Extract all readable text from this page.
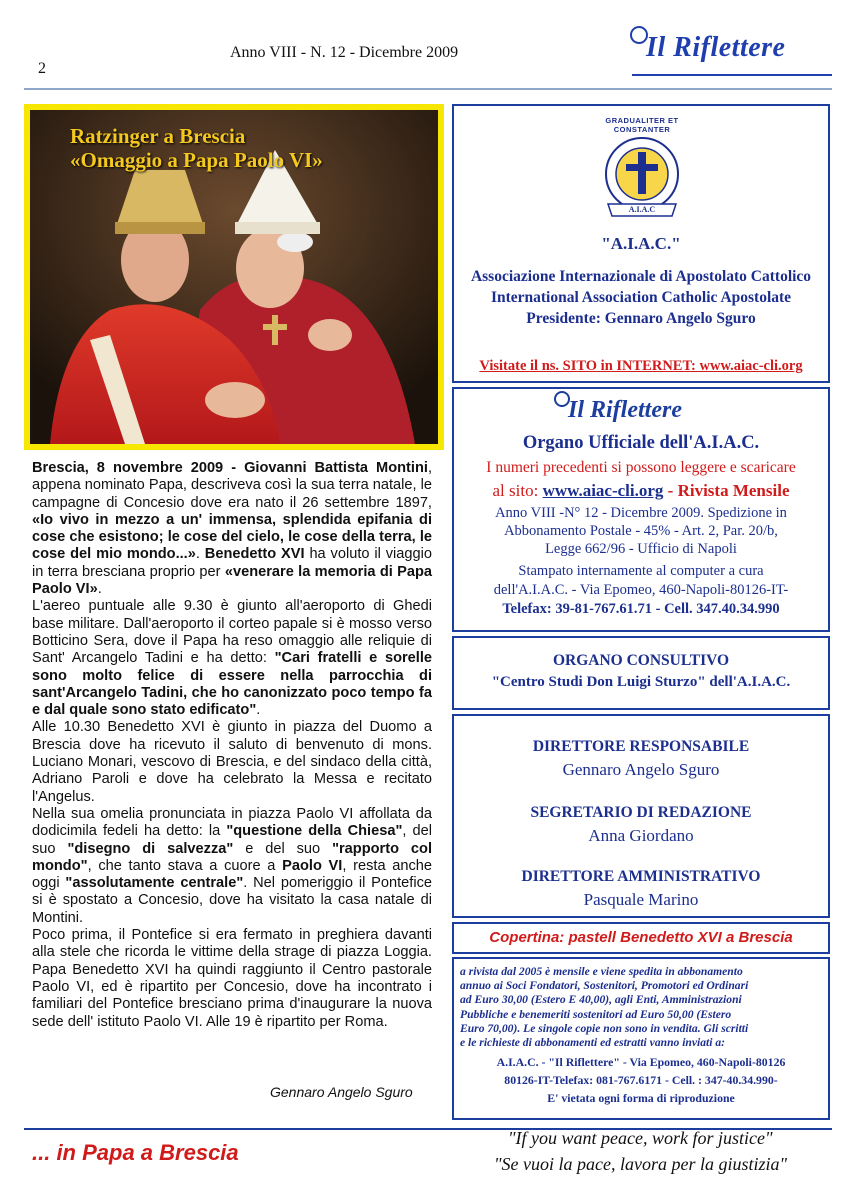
2
Anno VIII - N. 12 - Dicembre 2009	Il Riflettere
Ratzinger a Brescia
«Omaggio a Papa Paolo VI»

Brescia, 8 novembre 2009 - Giovanni Battista Montini, appena nominato Papa, descriveva così la sua terra natale, le campagne di Concesio dove era nato il 26 settembre 1897, «Io vivo in mezzo a un' immensa, splendida epifania di cose che esistono; le cose del cielo, le cose della terra, le cose del mio mondo...». Benedetto XVI ha voluto il viaggio in terra bresciana proprio per «venerare la memoria di Papa Paolo VI».

L'aereo puntuale alle 9.30 è giunto all'aeroporto di Ghedi base militare. Dall'aeroporto il corteo papale si è mosso verso Botticino Sera, dove il Papa ha reso omaggio alle reliquie di Sant' Arcangelo Tadini e ha detto: "Cari fratelli e sorelle sono molto felice di essere nella parrocchia di sant'Arcangelo Tadini, che ho canonizzato poco tempo fa e dal quale sono stato edificato".

Alle 10.30 Benedetto XVI è giunto in piazza del Duomo a Brescia dove ha ricevuto il saluto di benvenuto di mons. Luciano Monari, vescovo di Brescia, e del sindaco della città, Adriano Paroli e dove ha celebrato la Messa e recitato l'Angelus.

Nella sua omelia pronunciata in piazza Paolo VI affollata da dodicimila fedeli ha detto: la "questione della Chiesa", del suo "disegno di salvezza" e del suo "rapporto col mondo", che tanto stava a cuore a Paolo VI, resta anche oggi "assolutamente centrale". Nel pomeriggio il Pontefice si è spostato a Concesio, dove ha visitato la casa natale di Montini.

Poco prima, il Pontefice si era fermato in preghiera davanti alla stele che ricorda le vittime della strage di piazza Loggia. Papa Benedetto XVI ha quindi raggiunto il Centro pastorale Paolo VI, ed è ripartito per Concesio, dove ha incontrato i familiari del Pontefice bresciano prima d'inaugurare la nuova sede dell' istituto Paolo VI. Alle 19 è ripartito per Roma.

Gennaro Angelo Sguro
GRADUALITER ET CONSTANTER
A.I.A.C
"A.I.A.C."
Associazione Internazionale di Apostolato Cattolico
International Association Catholic Apostolate
Presidente: Gennaro Angelo Sguro
Visitate il ns. SITO in INTERNET: www.aiac-cli.org
Il Riflettere
Organo Ufficiale dell'A.I.A.C.
I numeri precedenti si possono leggere e scaricare
al sito: www.aiac-cli.org - Rivista Mensile
Anno VIII -N° 12 - Dicembre 2009. Spedizione in
Abbonamento Postale - 45% - Art. 2, Par. 20/b,
Legge 662/96 - Ufficio di Napoli
Stampato internamente al computer a cura
dell'A.I.A.C. - Via Epomeo, 460-Napoli-80126-IT-
Telefax: 39-81-767.61.71 - Cell. 347.40.34.990
ORGANO CONSULTIVO
"Centro Studi Don Luigi Sturzo" dell'A.I.A.C.
DIRETTORE RESPONSABILE
Gennaro Angelo Sguro
SEGRETARIO DI REDAZIONE
Anna Giordano
DIRETTORE AMMINISTRATIVO
Pasquale Marino
Copertina: pastell Benedetto XVI a Brescia
a rivista dal 2005 è mensile e viene spedita in abbonamento
annuo ai Soci Fondatori, Sostenitori, Promotori ed Ordinari
ad Euro 30,00 (Estero E 40,00), agli Enti, Amministrazioni
Pubbliche e benemeriti sostenitori ad Euro 50,00 (Estero
Euro 70,00). Le singole copie non sono in vendita. Gli scritti
e le richieste di abbonamenti ed estratti vanno inviati a:
A.I.A.C. - "Il Riflettere" - Via Epomeo, 460-Napoli-80126
80126-IT-Telefax: 081-767.6171 - Cell. : 347-40.34.990-
E' vietata ogni forma di riproduzione
... in Papa a Brescia
"If you want peace, work for justice"
"Se vuoi la pace, lavora per la giustizia"
